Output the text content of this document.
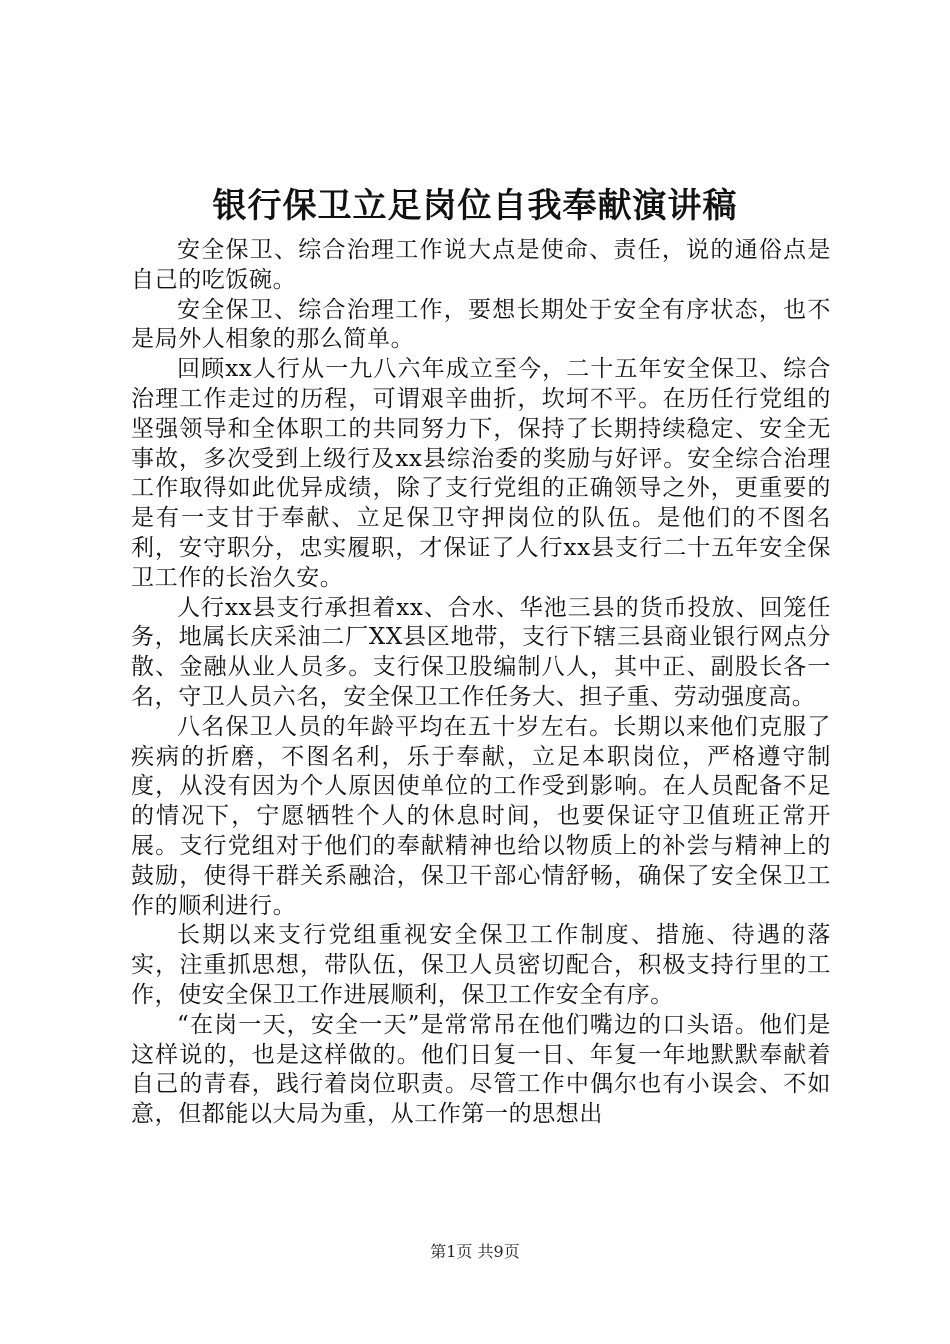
银行保卫立足岗位自我奉献演讲稿

安全保卫、综合治理工作说大点是使命、责任，说的通俗点是自己的吃饭碗。

安全保卫、综合治理工作，要想长期处于安全有序状态，也不是局外人相象的那么简单。

回顾xx人行从一九八六年成立至今，二十五年安全保卫、综合治理工作走过的历程，可谓艰辛曲折，坎坷不平。在历任行党组的坚强领导和全体职工的共同努力下，保持了长期持续稳定、安全无事故，多次受到上级行及xx县综治委的奖励与好评。安全综合治理工作取得如此优异成绩，除了支行党组的正确领导之外，更重要的是有一支甘于奉献、立足保卫守押岗位的队伍。是他们的不图名利，安守职分，忠实履职，才保证了人行xx县支行二十五年安全保卫工作的长治久安。

人行xx县支行承担着xx、合水、华池三县的货币投放、回笼任务，地属长庆采油二厂XX县区地带，支行下辖三县商业银行网点分散、金融从业人员多。支行保卫股编制八人，其中正、副股长各一名，守卫人员六名，安全保卫工作任务大、担子重、劳动强度高。

八名保卫人员的年龄平均在五十岁左右。长期以来他们克服了疾病的折磨，不图名利，乐于奉献，立足本职岗位，严格遵守制度，从没有因为个人原因使单位的工作受到影响。在人员配备不足的情况下，宁愿牺牲个人的休息时间，也要保证守卫值班正常开展。支行党组对于他们的奉献精神也给以物质上的补尝与精神上的鼓励，使得干群关系融洽，保卫干部心情舒畅，确保了安全保卫工作的顺利进行。

长期以来支行党组重视安全保卫工作制度、措施、待遇的落实，注重抓思想，带队伍，保卫人员密切配合，积极支持行里的工作，使安全保卫工作进展顺利，保卫工作安全有序。

“在岗一天，安全一天”是常常吊在他们嘴边的口头语。他们是这样说的，也是这样做的。他们日复一日、年复一年地默默奉献着自己的青春，践行着岗位职责。尽管工作中偶尔也有小误会、不如意，但都能以大局为重，从工作第一的思想出

第1页 共9页
